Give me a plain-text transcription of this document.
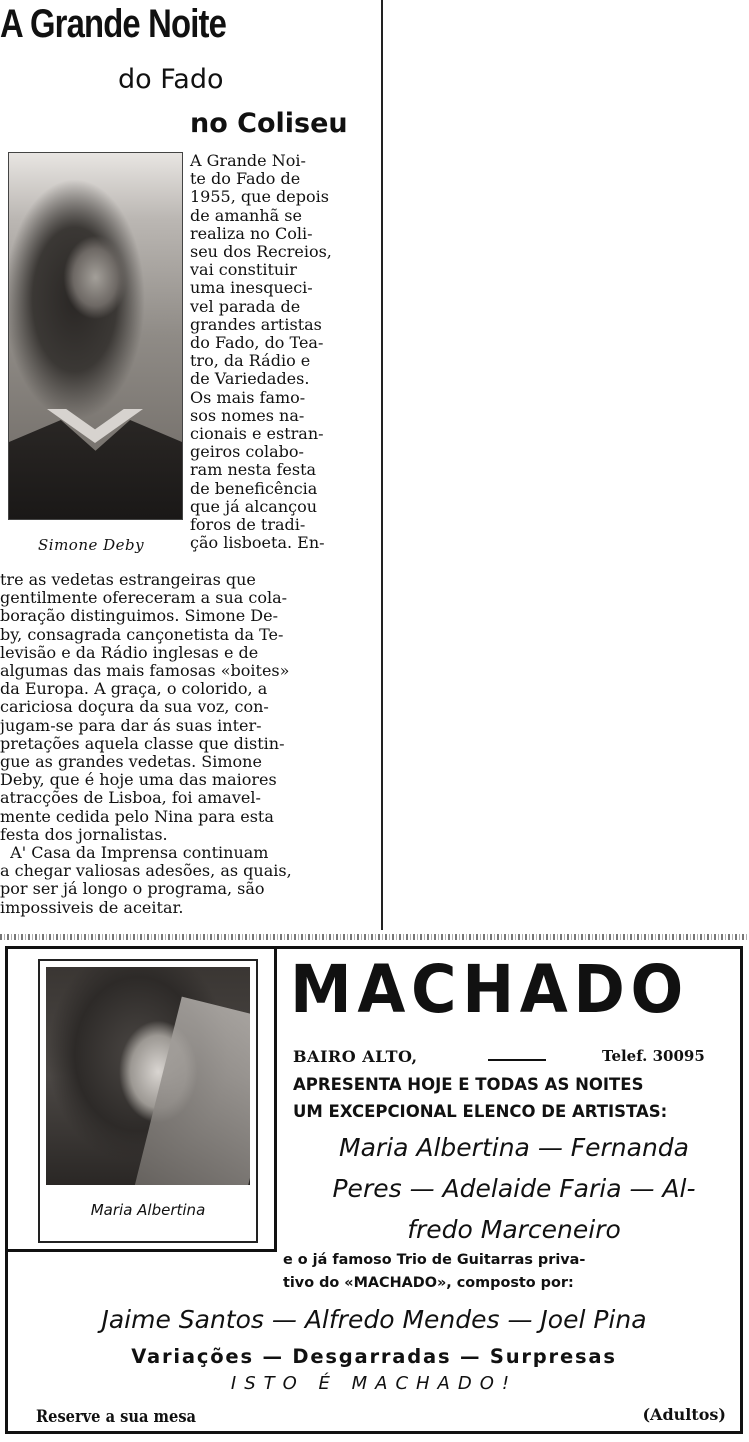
A Grande Noite
do Fado
no Coliseu
Simone Deby

A Grande Noi-
te do Fado de
1955, que depois
de amanhã se
realiza no Coli-
seu dos Recreios,
vai constituir
uma inesqueci-
vel parada de
grandes artistas
do Fado, do Tea-
tro, da Rádio e
de Variedades.
Os mais famo-
sos nomes na-
cionais e estran-
geiros colabo-
ram nesta festa
de beneficência
que já alcançou
foros de tradi-
ção lisboeta. En-

tre as vedetas estrangeiras que
gentilmente ofereceram a sua cola-
boração distinguimos. Simone De-
by, consagrada cançonetista da Te-
levisão e da Rádio inglesas e de
algumas das mais famosas «boites»
da Europa. A graça, o colorido, a
cariciosa doçura da sua voz, con-
jugam-se para dar ás suas inter-
pretações aquela classe que distin-
gue as grandes vedetas. Simone
Deby, que é hoje uma das maiores
atracções de Lisboa, foi amavel-
mente cedida pelo Nina para esta
festa dos jornalistas.
A' Casa da Imprensa continuam
a chegar valiosas adesões, as quais,
por ser já longo o programa, são
impossiveis de aceitar.

Maria Albertina
MACHADO
BAIRO ALTO,	Telef. 30095

APRESENTA HOJE E TODAS AS NOITES
UM EXCEPCIONAL ELENCO DE ARTISTAS:

Maria Albertina — Fernanda
Peres — Adelaide Faria — Al-
fredo Marceneiro

e o já famoso Trio de Guitarras priva-
tivo do «MACHADO», composto por:

Jaime Santos — Alfredo Mendes — Joel Pina
Variações — Desgarradas — Surpresas
ISTO É MACHADO!
Reserve a sua mesa	(Adultos)
